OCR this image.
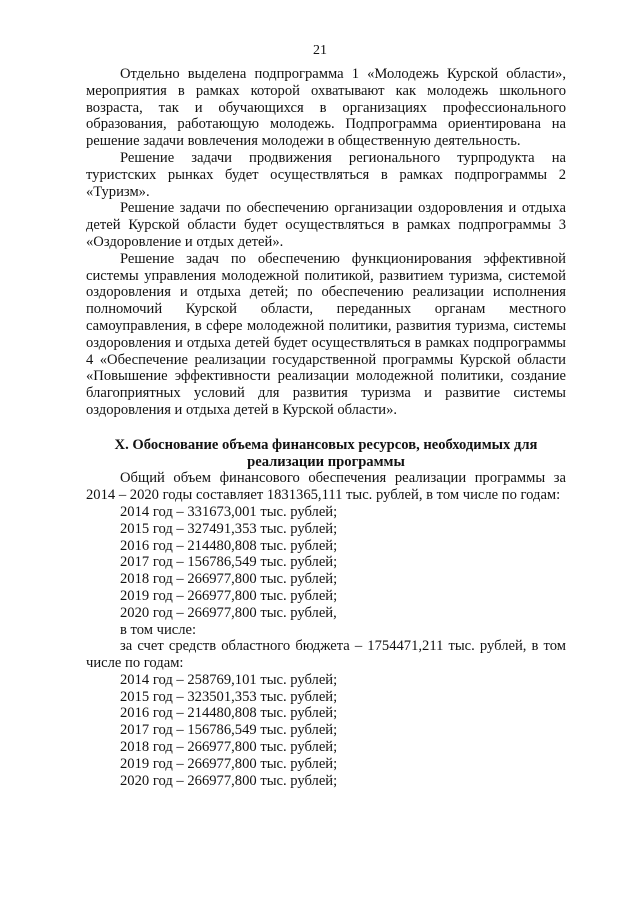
21

Отдельно выделена подпрограмма 1 «Молодежь Курской области», мероприятия в рамках которой охватывают как молодежь школьного возраста, так и обучающихся в организациях профессионального образования, работающую молодежь. Подпрограмма ориентирована на решение задачи вовлечения молодежи в общественную деятельность.

Решение задачи продвижения регионального турпродукта на туристских рынках будет осуществляться в рамках подпрограммы 2 «Туризм».

Решение задачи по обеспечению организации оздоровления и отдыха детей Курской области будет осуществляться в рамках подпрограммы 3 «Оздоровление и отдых детей».

Решение задач по обеспечению функционирования эффективной системы управления молодежной политикой, развитием туризма, системой оздоровления и отдыха детей; по обеспечению реализации исполнения полномочий Курской области, переданных органам местного самоуправления, в сфере молодежной политики, развития туризма, системы оздоровления и отдыха детей будет осуществляться в рамках подпрограммы 4 «Обеспечение реализации государственной программы Курской области «Повышение эффективности реализации молодежной политики, создание благоприятных условий для развития туризма и развитие системы оздоровления и отдыха детей в Курской области».

X. Обоснование объема финансовых ресурсов, необходимых для реализации программы

Общий объем финансового обеспечения реализации программы за 2014 – 2020 годы составляет 1831365,111 тыс. рублей, в том числе по годам:

2014 год – 331673,001 тыс. рублей;
2015 год – 327491,353 тыс. рублей;
2016 год – 214480,808 тыс. рублей;
2017 год – 156786,549 тыс. рублей;
2018 год – 266977,800 тыс. рублей;
2019 год – 266977,800 тыс. рублей;
2020 год – 266977,800 тыс. рублей,

в том числе:

за счет средств областного бюджета – 1754471,211 тыс. рублей, в том числе по годам:

2014 год – 258769,101 тыс. рублей;
2015 год – 323501,353 тыс. рублей;
2016 год – 214480,808 тыс. рублей;
2017 год – 156786,549 тыс. рублей;
2018 год – 266977,800 тыс. рублей;
2019 год – 266977,800 тыс. рублей;
2020 год – 266977,800 тыс. рублей;
